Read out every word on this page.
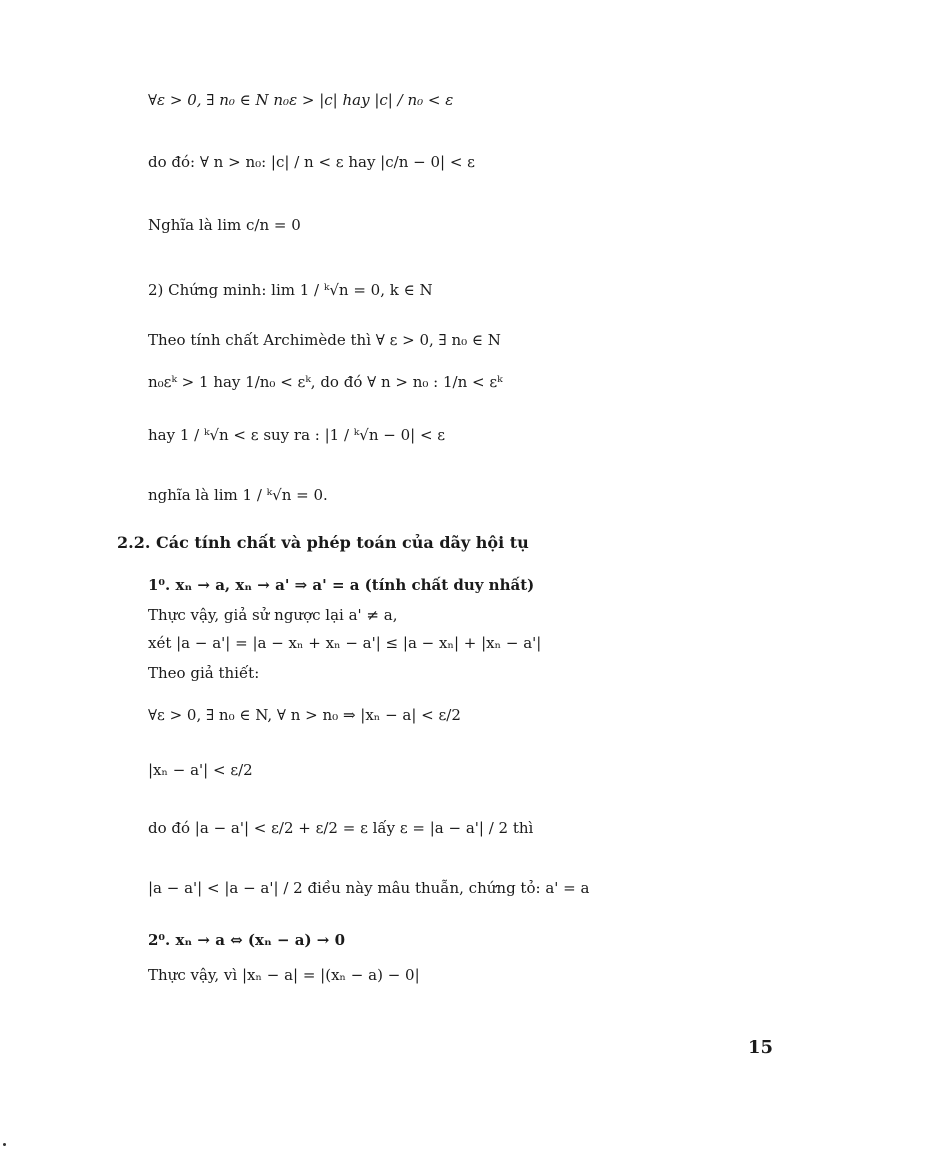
∀ε > 0, ∃ n₀ ∈ N n₀ε > |c| hay |c| / n₀ < ε
do đó: ∀ n > n₀: |c| / n < ε hay |c/n − 0| < ε
Nghĩa là lim c/n = 0
2) Chứng minh: lim 1 / ᵏ√n = 0, k ∈ N
Theo tính chất Archimède thì ∀ ε > 0, ∃ n₀ ∈ N
n₀εᵏ > 1 hay 1/n₀ < εᵏ, do đó ∀ n > n₀ : 1/n < εᵏ
hay 1 / ᵏ√n < ε suy ra : |1 / ᵏ√n − 0| < ε
nghĩa là lim 1 / ᵏ√n = 0.
2.2. Các tính chất và phép toán của dãy hội tụ
1⁰. xₙ → a, xₙ → a' ⇒ a' = a (tính chất duy nhất)
Thực vậy, giả sử ngược lại a' ≠ a,
xét |a − a'| = |a − xₙ + xₙ − a'| ≤ |a − xₙ| + |xₙ − a'|
Theo giả thiết:
∀ε > 0, ∃ n₀ ∈ N, ∀ n > n₀ ⇒ |xₙ − a| < ε/2
|xₙ − a'| < ε/2
do đó |a − a'| < ε/2 + ε/2 = ε lấy ε = |a − a'| / 2 thì
|a − a'| < |a − a'| / 2 điều này mâu thuẫn, chứng tỏ: a' = a
2⁰. xₙ → a ⇔ (xₙ − a) → 0
Thực vậy, vì |xₙ − a| = |(xₙ − a) − 0|
15
